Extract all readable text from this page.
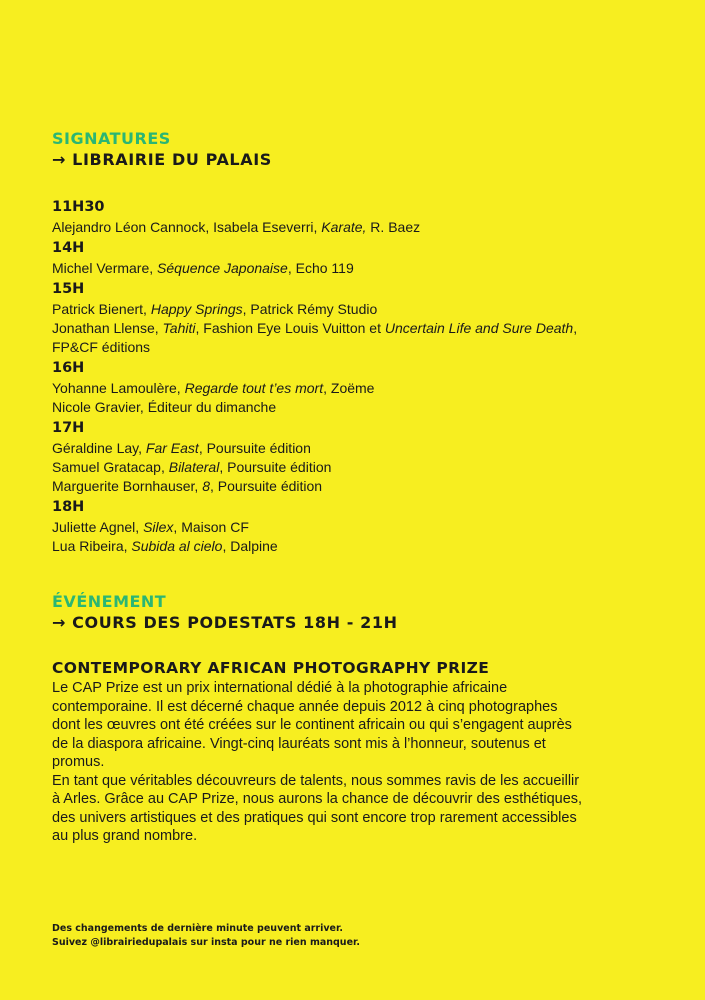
SIGNATURES
→ LIBRAIRIE DU PALAIS
11H30
Alejandro Léon Cannock, Isabela Eseverri, Karate, R. Baez
14H
Michel Vermare, Séquence Japonaise, Echo 119
15H
Patrick Bienert, Happy Springs, Patrick Rémy Studio
Jonathan Llense, Tahiti, Fashion Eye Louis Vuitton et Uncertain Life and Sure Death,
FP&CF éditions
16H
Yohanne Lamoulère, Regarde tout t’es mort, Zoëme
Nicole Gravier, Éditeur du dimanche
17H
Géraldine Lay, Far East, Poursuite édition
Samuel Gratacap, Bilateral, Poursuite édition
Marguerite Bornhauser, 8, Poursuite édition
18H
Juliette Agnel, Silex, Maison CF
Lua Ribeira, Subida al cielo, Dalpine
ÉVÉNEMENT
→ COURS DES PODESTATS 18H - 21H
CONTEMPORARY AFRICAN PHOTOGRAPHY PRIZE

Le CAP Prize est un prix international dédié à la photographie africaine

contemporaine. Il est décerné chaque année depuis 2012 à cinq photographes

dont les œuvres ont été créées sur le continent africain ou qui s’engagent auprès

de la diaspora africaine. Vingt-cinq lauréats sont mis à l’honneur, soutenus et

promus.

En tant que véritables découvreurs de talents, nous sommes ravis de les accueillir

à Arles. Grâce au CAP Prize, nous aurons la chance de découvrir des esthétiques,

des univers artistiques et des pratiques qui sont encore trop rarement accessibles

au plus grand nombre.

Des changements de dernière minute peuvent arriver.
Suivez @librairiedupalais sur insta pour ne rien manquer.
